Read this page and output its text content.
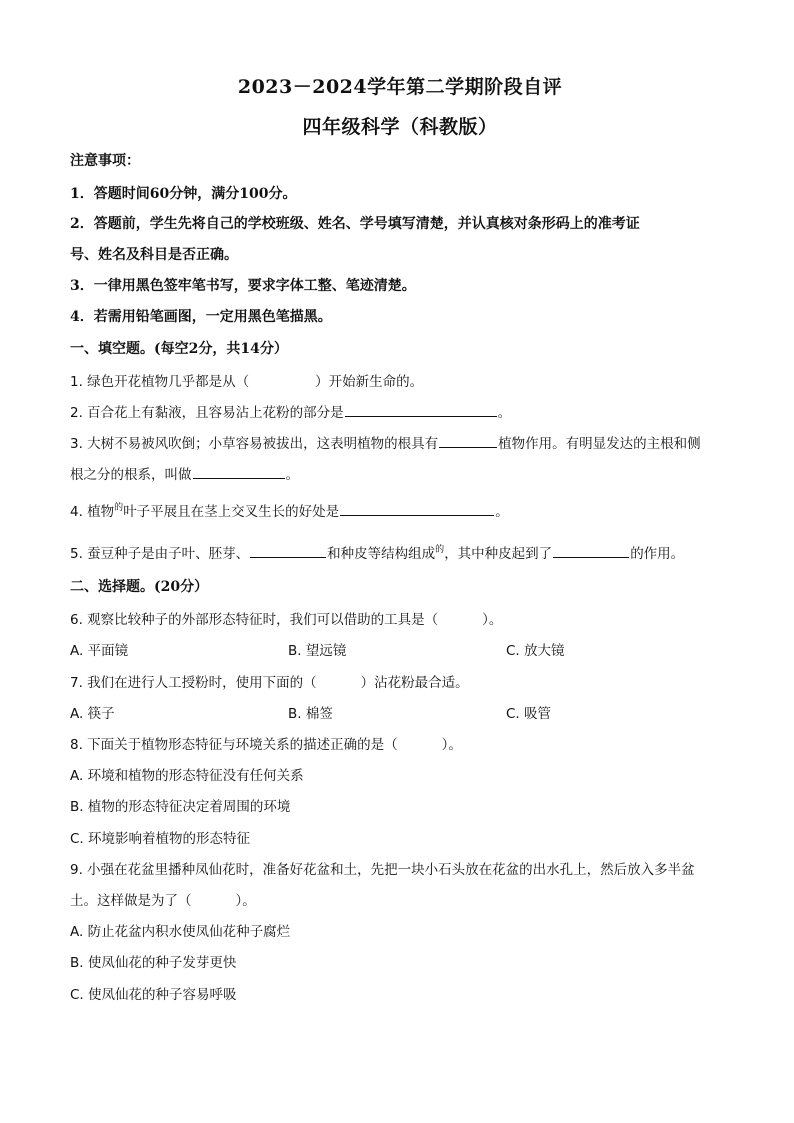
2023－2024学年第二学期阶段自评
四年级科学（科教版）
注意事项：
1．答题时间60分钟，满分100分。
2．答题前，学生先将自己的学校班级、姓名、学号填写清楚，并认真核对条形码上的准考证
号、姓名及科目是否正确。
3．一律用黑色签牢笔书写，要求字体工整、笔迹清楚。
4．若需用铅笔画图，一定用黑色笔描黑。
一、填空题。(每空2分，共14分）
1. 绿色开花植物几乎都是从（	）开始新生命的。
2. 百合花上有黏液，且容易沾上花粉的部分是	。
3. 大树不易被风吹倒；小草容易被拔出，这表明植物的根具有	植物作用。有明显发达的主根和侧
根之分的根系，叫做	。
4. 植物$^的$叶子平展且在茎上交叉生长的好处是	。
5. 蚕豆种子是由子叶、胚芽、	和种皮等结构组成$^的$，其中种皮起到了	的作用。
二、选择题。(20分）
6. 观察比较种子的外部形态特征时，我们可以借助的工具是（	）。
A. 平面镜	B. 望远镜	C. 放大镜
7. 我们在进行人工授粉时，使用下面的（	）沾花粉最合适。
A. 筷子	B. 棉签	C. 吸管
8. 下面关于植物形态特征与环境关系的描述正确的是（	）。
A. 环境和植物的形态特征没有任何关系
B. 植物的形态特征决定着周围的环境
C. 环境影响着植物的形态特征
9. 小强在花盆里播种凤仙花时，准备好花盆和土，先把一块小石头放在花盆的出水孔上，然后放入多半盆
土。这样做是为了（	）。
A. 防止花盆内积水使凤仙花种子腐烂
B. 使凤仙花的种子发芽更快
C. 使凤仙花的种子容易呼吸
